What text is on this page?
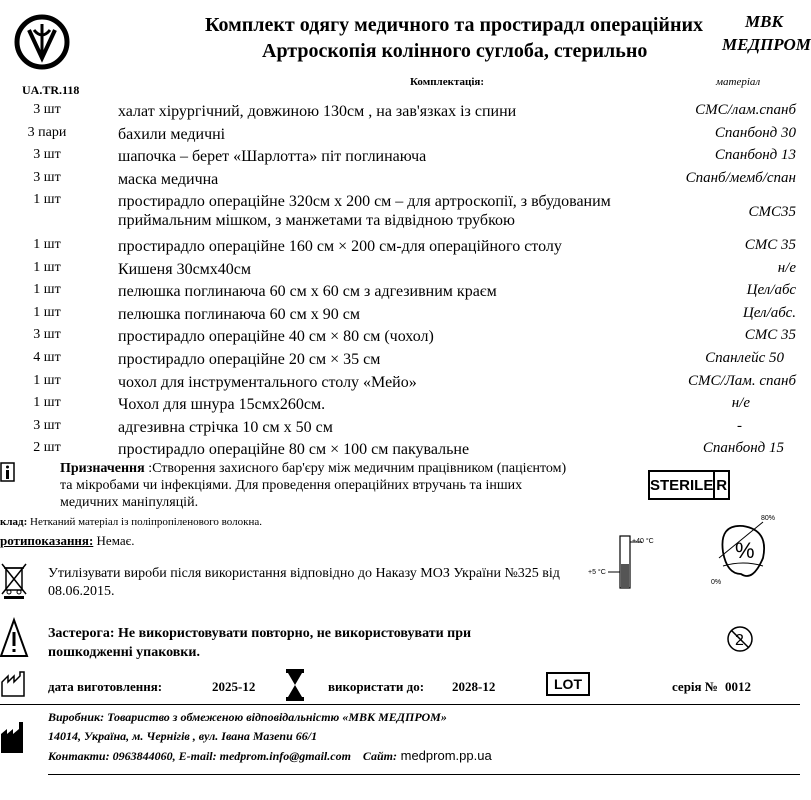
UA.TR.118
Комплект одягу медичного та простирадл операційних
Артроскопія колінного суглоба, стерильно
МВК
МЕДПРОМ
Комплектація:	матеріал
3 шт	халат хірургічний, довжиною 130см , на зав'язках із спини	СМС/лам.спанб
3 пари	бахили медичні	Спанбонд 30
3 шт	шапочка – берет «Шарлотта» піт поглинаюча	Спанбонд 13
3 шт	маска медична	Спанб/мемб/спан
1 шт	простирадло операційне 320см х 200 см – для артроскопії, з вбудованим приймальним мішком, з манжетами та відвідною трубкою	СМС35
1 шт	простирадло операційне 160 см × 200 см-для операційного столу	СМС 35
1 шт	Кишеня 30смх40см	н/е
1 шт	пелюшка поглинаюча 60 см х 60 см з адгезивним краєм	Цел/абс
1 шт	пелюшка поглинаюча 60 см х 90 см	Цел/абс.
3 шт	простирадло операційне 40 см × 80 см (чохол)	СМС 35
4 шт	простирадло операційне 20 см × 35 см	Спанлейс 50
1 шт	чохол для інструментального столу «Мейо»	СМС/Лам. спанб
1 шт	Чохол для шнура 15смх260см.	н/е
3 шт	адгезивна стрічка 10 см х 50 см	-
2 шт	простирадло операційне 80 см × 100 см пакувальне	Спанбонд 15
Призначення :Створення захисного бар'єру між медичним працівником (пацієнтом) та мікробами чи інфекціями. Для проведення операційних втручань та інших медичних маніпуляцій.
STERILE R
клад: Нетканий матеріал із поліпропіленового волокна.
ротипоказання: Немає.	+40 °С
+5 °С
%
80%
0%
Утилізувати вироби після використання відповідно до Наказу МОЗ України №325 від 08.06.2015.
Застерога: Не використовувати повторно, не використовувати при пошкодженні упаковки.
2
дата виготовлення:	2025-12	використати до: 2028-12	LOT	серія № 0012
Виробник: Товариство з обмеженою відповідальністю «МВК МЕДПРОМ»
14014, Україна, м. Чернігів , вул. Івана Мазепи 66/1
Контакти: 0963844060, E-mail: medprom.info@gmail.com Сайт: medprom.pp.ua
